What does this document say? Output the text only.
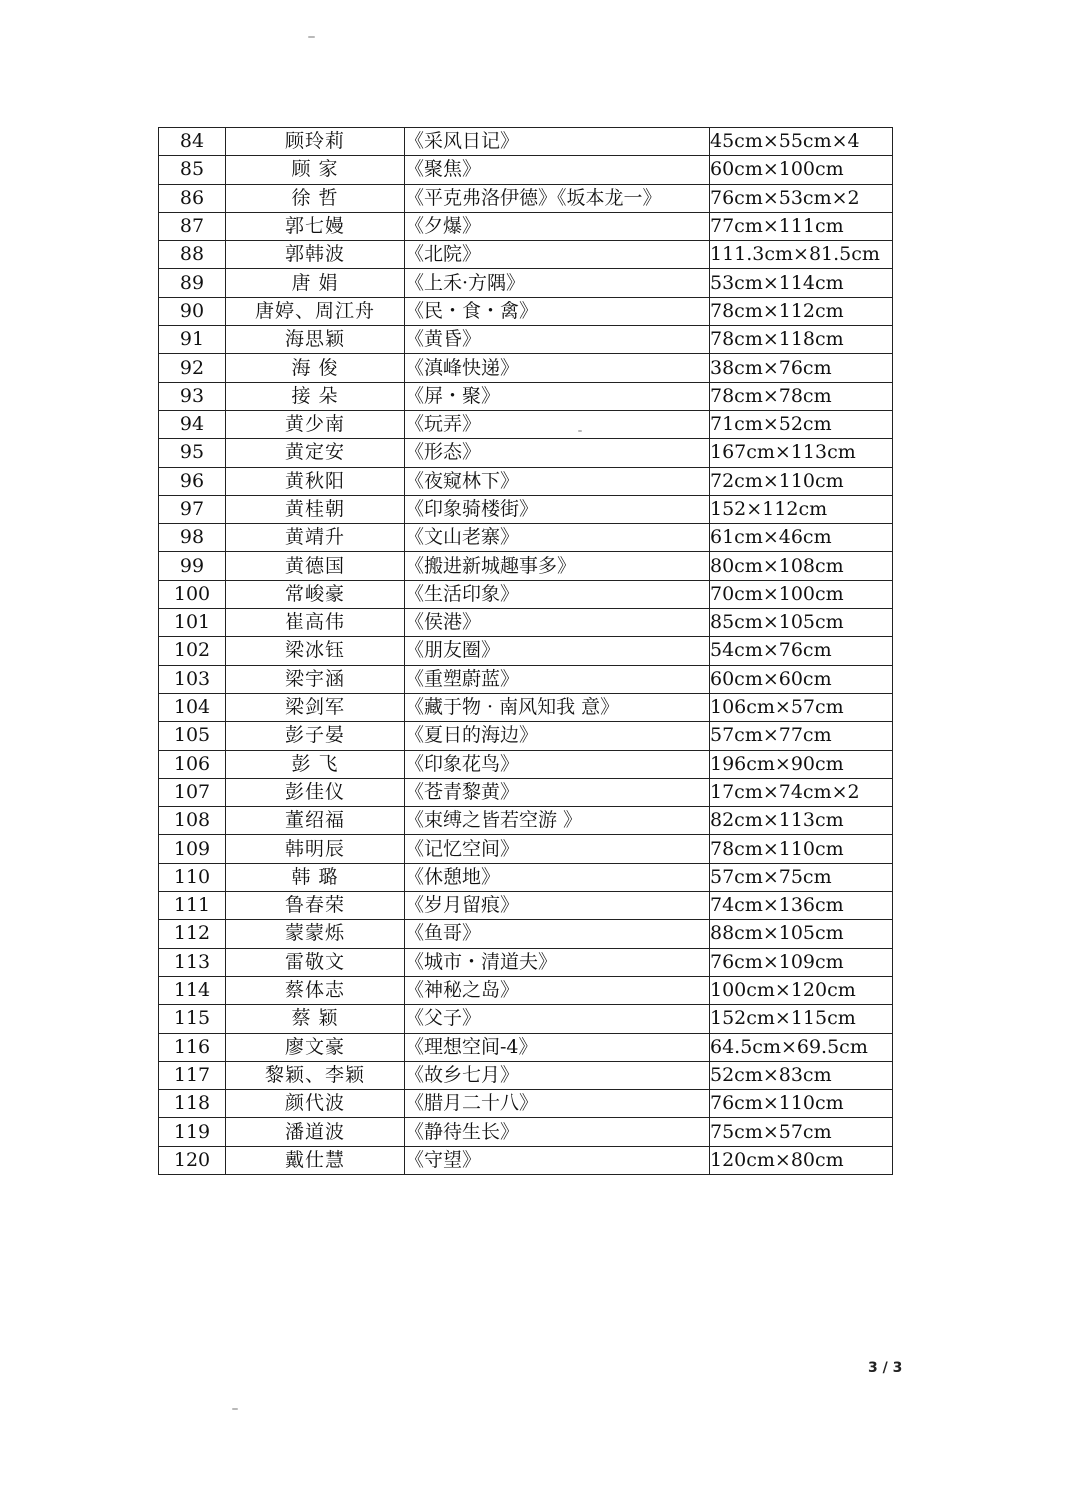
84	顾玲莉	《采风日记》	45cm×55cm×4
85	顾 家	《聚焦》	60cm×100cm
86	徐 哲	《平克弗洛伊德》《坂本龙一》	76cm×53cm×2
87	郭七嫚	《夕爆》	77cm×111cm
88	郭韩波	《北院》	111.3cm×81.5cm
89	唐 娟	《上禾·方隅》	53cm×114cm
90	唐婷、周江舟	《民・食・禽》	78cm×112cm
91	海思颖	《黄昏》	78cm×118cm
92	海 俊	《滇峰快递》	38cm×76cm
93	接 朵	《屏・聚》	78cm×78cm
94	黄少南	《玩弄》	71cm×52cm
95	黄定安	《形态》	167cm×113cm
96	黄秋阳	《夜窥林下》	72cm×110cm
97	黄桂朝	《印象骑楼街》	152×112cm
98	黄靖升	《文山老寨》	61cm×46cm
99	黄德国	《搬进新城趣事多》	80cm×108cm
100	常峻豪	《生活印象》	70cm×100cm
101	崔高伟	《侯港》	85cm×105cm
102	梁冰钰	《朋友圈》	54cm×76cm
103	梁宇涵	《重塑蔚蓝》	60cm×60cm
104	梁剑军	《藏于物 · 南风知我 意》	106cm×57cm
105	彭子晏	《夏日的海边》	57cm×77cm
106	彭 飞	《印象花鸟》	196cm×90cm
107	彭佳仪	《苍青黎黄》	17cm×74cm×2
108	董绍福	《束缚之皆若空游 》	82cm×113cm
109	韩明辰	《记忆空间》	78cm×110cm
110	韩 璐	《休憩地》	57cm×75cm
111	鲁春荣	《岁月留痕》	74cm×136cm
112	蒙蒙烁	《鱼哥》	88cm×105cm
113	雷敬文	《城市・清道夫》	76cm×109cm
114	蔡体志	《神秘之岛》	100cm×120cm
115	蔡 颖	《父子》	152cm×115cm
116	廖文豪	《理想空间-4》	64.5cm×69.5cm
117	黎颖、李颖	《故乡七月》	52cm×83cm
118	颜代波	《腊月二十八》	76cm×110cm
119	潘道波	《静待生长》	75cm×57cm
120	戴仕慧	《守望》	120cm×80cm
3 / 3
